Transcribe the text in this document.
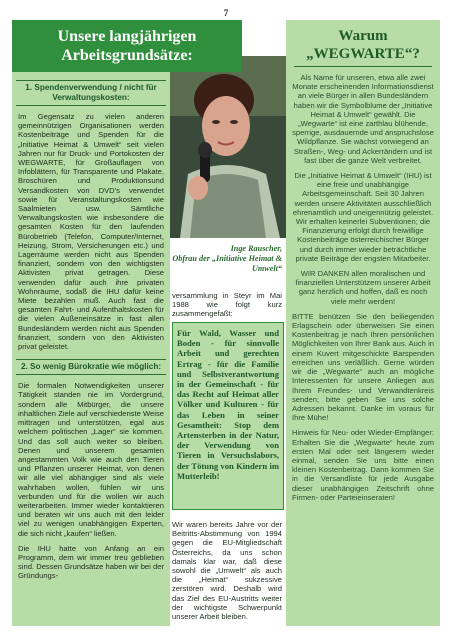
7
1. Spendenverwendung / nicht für Verwaltungskosten:
Im Gegensatz zu vielen anderen gemeinnützigen Organisationen werden Kostenbeiträge und Spenden für die „Initiative Heimat & Umwelt“ seit vielen Jahren nur für Druck- und Portokosten der WEGWARTE, für Großauflagen von Infoblättern, für Transparente und Plakate, Broschüren und Produktionsund Versandkosten von DVD's verwendet sowie für Veranstaltungskosten wie Saalmieten usw. Sämtliche Verwaltungskosten wie insbesondere die gesamten Kosten für den laufenden Bürobetrieb (Telefon, Computer/Internet, Heizung, Strom, Versicherungen etc.) und Lagerräume werden nicht aus Spenden finanziert, sondern von den wichtigsten Aktivisten privat getragen. Diese verwenden dafür auch ihre privaten Wohnräume, sodaß die IHU dafür keine Miete bezahlen muß. Auch fast die gesamten Fahrt- und Aufenthaltskosten für die vielen Außeneinsätze in fast allen Bundesländern werden nicht aus Spenden finanziert, sondern von den Aktivisten privat geleistet.
2. So wenig Bürokratie wie möglich:
Die formalen Notwendigkeiten unserer Tätigkeit standen nie im Vordergrund, sondern alle Mitbürger, die unsere inhaltlichen Ziele auf verschiedenste Weise mittragen und unterstützen, egal aus welchem politischen „Lager“ sie kommen. Und das soll auch weiter so bleiben. Denen und unserem gesamten angestammten Volk wie auch den Tieren und Pflanzen unserer Heimat, von denen wir alle viel abhängiger sind als viele wahrhaben wollen, fühlen wir uns verbunden und für die wollen wir auch weiterarbeiten. Immer wieder kontaktieren und beraten wir uns auch mit den leider viel zu wenigen unabhängigen Experten, die sich nicht „kaufen“ ließen.
Die IHU hatte von Anfang an ein Programm, dem wir immer treu geblieben sind. Dessen Grundsätze haben wir bei der Gründungs-
Unsere langjährigen Arbeitsgrundsätze:
Inge Rauscher,
Obfrau der „Initiative Heimat & Umwelt“
versammlung in Steyr im Mai 1988 wie folgt kurz zusammengefaßt:

Für Wald, Wasser und Boden - für sinnvolle Arbeit und gerechten Ertrag - für die Familie und Selbstverantwortung in der Gemeinschaft - für das Recht auf Heimat aller Völker und Kulturen - für das Leben in seiner Gesamtheit: Stop dem Artensterben in der Natur, der Verwendung von Tieren in Versuchslabors, der Tötung von Kindern im Mutterleib!

Wir waren bereits Jahre vor der Beitritts-Abstimmung von 1994 gegen die EU-Mitgliedschaft Österreichs, da uns schon damals klar war, daß diese sowohl die „Umwelt“ als auch die „Heimat“ sukzessive zerstören wird. Deshalb wird das Ziel des EU-Austritts weiter der wichtigste Schwerpunkt unserer Arbeit bleiben.
Warum
„WEGWARTE“?
Als Name für unseren, etwa alle zwei Monate erscheinenden Informationsdienst an viele Bürger in allen Bundesländern haben wir die Symbolblume der „Initiative Heimat & Umwelt“ gewählt. Die „Wegwarte“ ist eine zarthlau blühende, sperrige, ausdauernde und anspruchslose Wildpflanze. Sie wächst vorwiegend an Straßen-, Weg- und Ackerrändern und ist fast über die ganze Welt verbreitet.
Die „Initiative Heimat & Umwelt“ (IHU) ist eine freie und unabhängige Arbeitsgemeinschaft. Seit 30 Jahren werden unsere Aktivitäten ausschließlich ehrenamtlich und uneigennützig geleistet. Wir erhalten keinerlei Subventionen; die Finanzierung erfolgt durch freiwillige Kostenbeiträge österreichischer Bürger und durch immer wieder beträchtliche private Beiträge der engsten Mitarbeiter.
WIR DANKEN allen moralischen und finanziellen Unterstützern unserer Arbeit ganz herzlich und hoffen, daß es noch viele mehr werden!
BITTE benützen Sie den beiliegenden Erlagschein oder überweisen Sie einen Kostenbeitrag je nach Ihren persönlichen Möglichkeiten von Ihrer Bank aus. Auch in einem Kuvert mitgeschickte Barspenden erreichen uns verläßlich. Gerne würden wir die „Wegwarte“ auch an mögliche Interessenten für unsere Anliegen aus Ihrem Freundes- und Verwandtenkreis senden; bitte geben Sie uns solche Adressen bekannt. Danke im voraus für Ihre Mühe!
Hinweis für Neu- oder Wieder-Empfänger: Erhalten Sie die „Wegwarte“ heute zum ersten Mal oder seit längerem wieder einmal, senden Sie uns bitte einen kleinen Kostenbeitrag. Dann kommen Sie in die Versandliste für jede Ausgabe dieser unabhängigen Zeitschrift ohne Firmen- oder Parteieinseraten!
